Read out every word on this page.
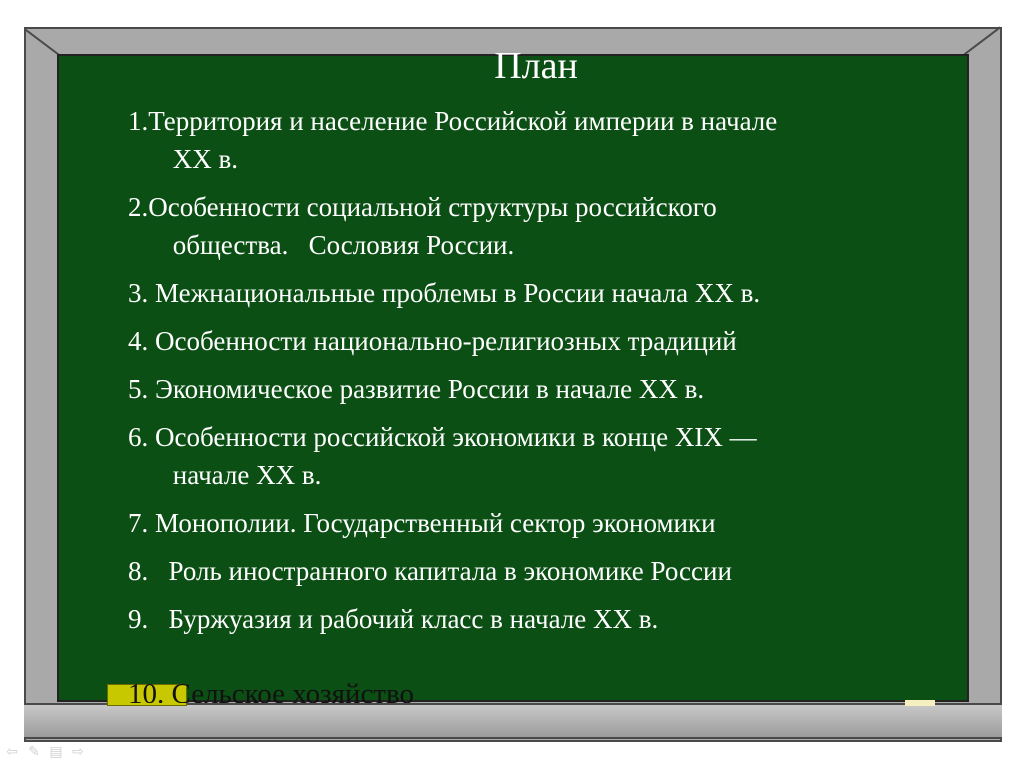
План
1.Территория и население Российской империи в начале
XX в.
2.Особенности социальной структуры российского
общества.   Сословия России.
3. Межнациональные проблемы в России начала XX в.
4. Особенности национально-религиозных традиций
5. Экономическое развитие России в начале XX в.
6. Особенности российской экономики в конце XIX —
начале XX в.
7. Монополии. Государственный сектор экономики
8.   Роль иностранного капитала в экономике России
9.   Буржуазия и рабочий класс в начале XX в.
10. Сельское хозяйство
⇦ ✎ ▤ ⇨
